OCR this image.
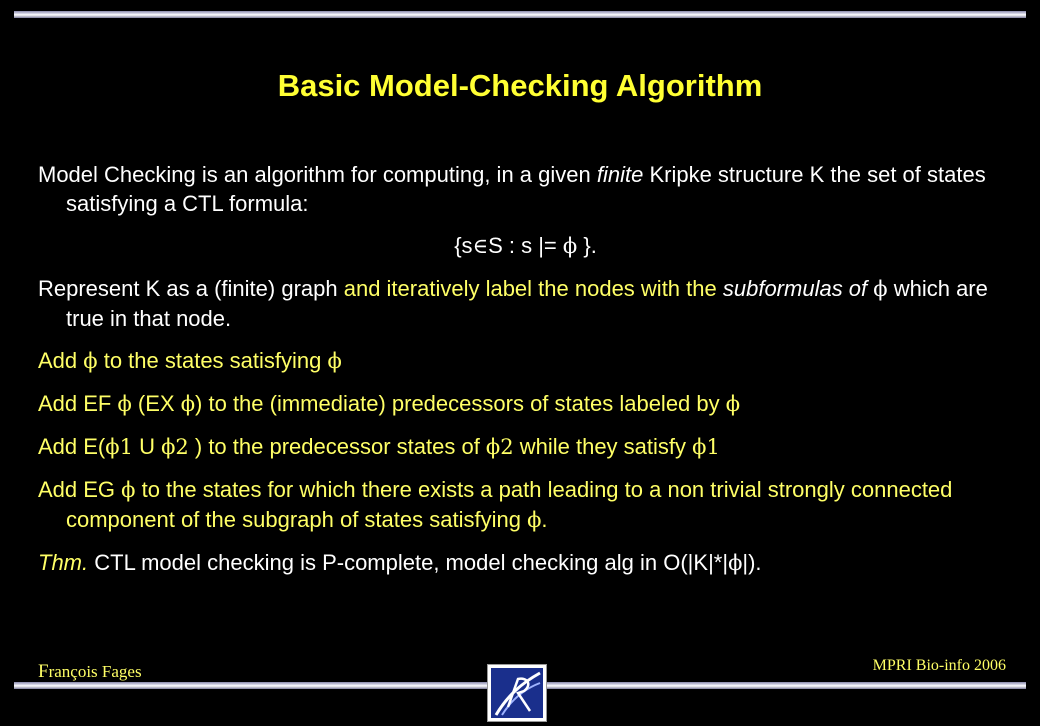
Basic Model-Checking Algorithm
Model Checking is an algorithm for computing, in a given finite Kripke structure K the set of states satisfying a CTL formula:
{s∈S : s |= ϕ }.
Represent K as a (finite) graph and iteratively label the nodes with the subformulas of ϕ which are true in that node.
Add ϕ to the states satisfying ϕ
Add EF ϕ (EX ϕ) to the (immediate) predecessors of states labeled by ϕ
Add E(ϕ1 U ϕ2 ) to the predecessor states of ϕ2 while they satisfy ϕ1
Add EG ϕ to the states for which there exists a path leading to a non trivial strongly connected component of the subgraph of states satisfying ϕ.
Thm. CTL model checking is P-complete, model checking alg in O(|K|*|ϕ|).
François Fages	MPRI Bio-info 2006
